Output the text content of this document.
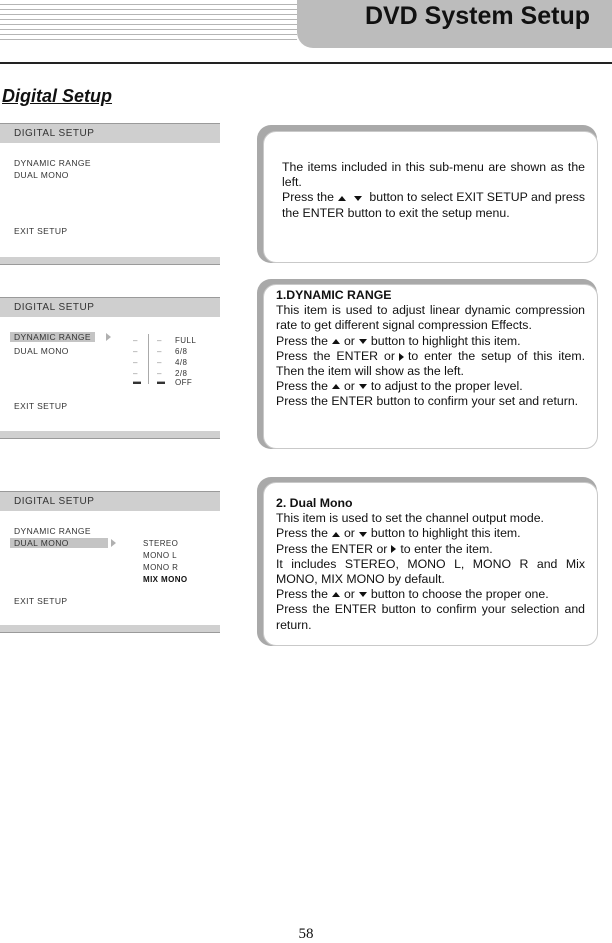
DVD System Setup
Digital Setup
DIGITAL SETUP
DYNAMIC RANGE
DUAL MONO
EXIT SETUP

The items included in this sub-menu are shown as the left.
Press the	button to select EXIT SETUP and press the ENTER button to exit the setup menu.

DIGITAL SETUP
DYNAMIC RANGE
DUAL MONO
EXIT SETUP
–
–
–
–
▬
–
–
–
–
▬
FULL
6/8
4/8
2/8
OFF

1.DYNAMIC RANGE

This item is used to adjust linear dynamic compression rate to get different signal compression Effects.

Press the or button to highlight this item.

Press the ENTER or to enter the setup of this item. Then the item will show as the left.

Press the or to adjust to the proper level.

Press the ENTER button to confirm your set and return.

DIGITAL SETUP
DYNAMIC RANGE
DUAL MONO	STEREO
MONO L
MONO R
MIX MONO
EXIT SETUP

2. Dual Mono

This item is used to set the channel output mode.

Press the or button to highlight this item.

Press the ENTER or to enter the item.

It includes STEREO, MONO L, MONO R and Mix MONO, MIX MONO by default.

Press the or button to choose the proper one.

Press the ENTER button to confirm your selection and return.

58
